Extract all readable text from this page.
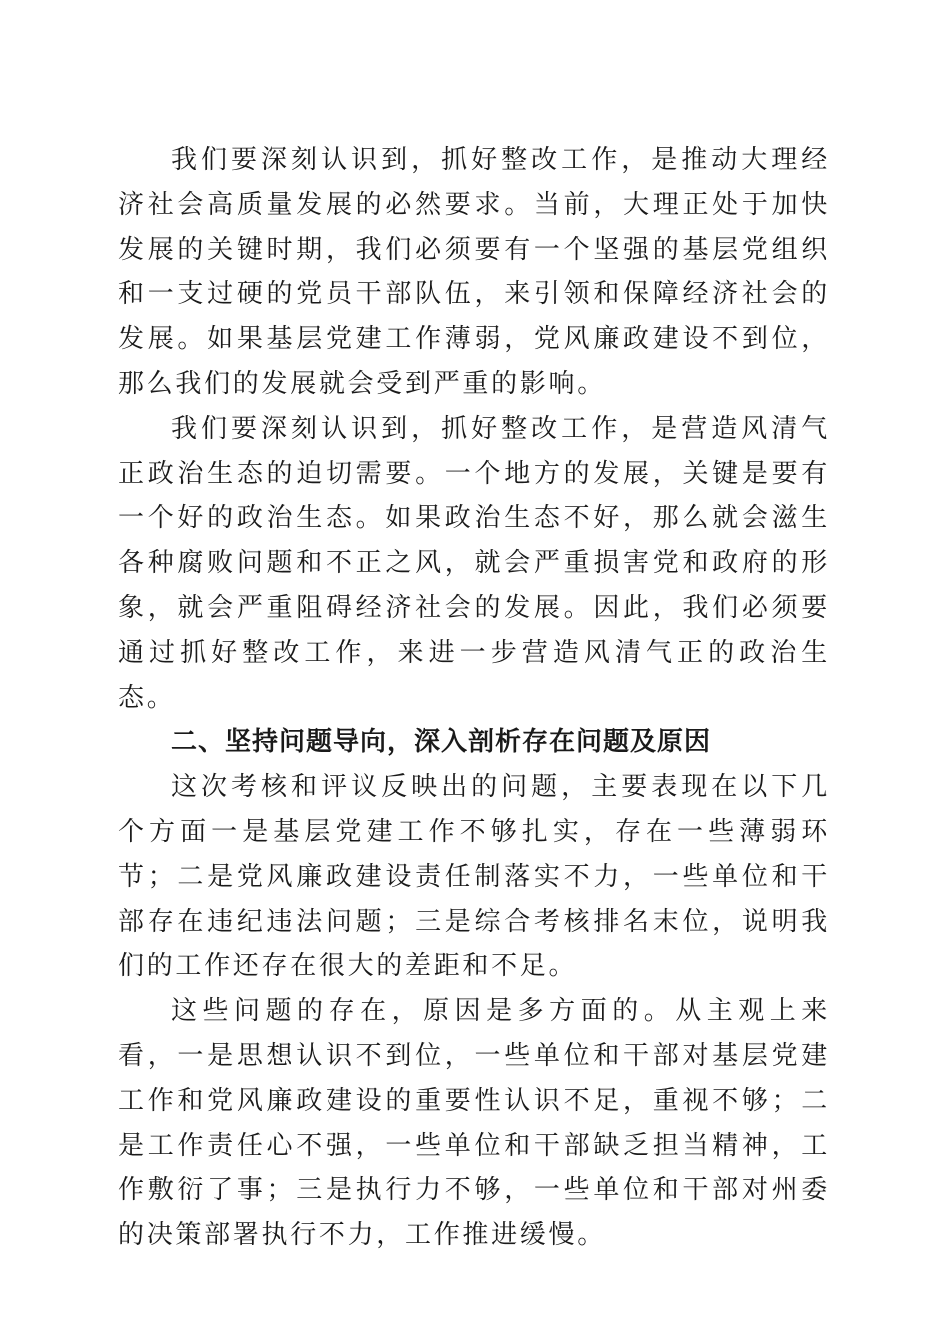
我们要深刻认识到，抓好整改工作，是推动大理经济社会高质量发展的必然要求。当前，大理正处于加快发展的关键时期，我们必须要有一个坚强的基层党组织和一支过硬的党员干部队伍，来引领和保障经济社会的发展。如果基层党建工作薄弱，党风廉政建设不到位，那么我们的发展就会受到严重的影响。

我们要深刻认识到，抓好整改工作，是营造风清气正政治生态的迫切需要。一个地方的发展，关键是要有一个好的政治生态。如果政治生态不好，那么就会滋生各种腐败问题和不正之风，就会严重损害党和政府的形象，就会严重阻碍经济社会的发展。因此，我们必须要通过抓好整改工作，来进一步营造风清气正的政治生态。

二、坚持问题导向，深入剖析存在问题及原因

这次考核和评议反映出的问题，主要表现在以下几个方面一是基层党建工作不够扎实，存在一些薄弱环节；二是党风廉政建设责任制落实不力，一些单位和干部存在违纪违法问题；三是综合考核排名末位，说明我们的工作还存在很大的差距和不足。

这些问题的存在，原因是多方面的。从主观上来看，一是思想认识不到位，一些单位和干部对基层党建工作和党风廉政建设的重要性认识不足，重视不够；二是工作责任心不强，一些单位和干部缺乏担当精神，工作敷衍了事；三是执行力不够，一些单位和干部对州委的决策部署执行不力，工作推进缓慢。
